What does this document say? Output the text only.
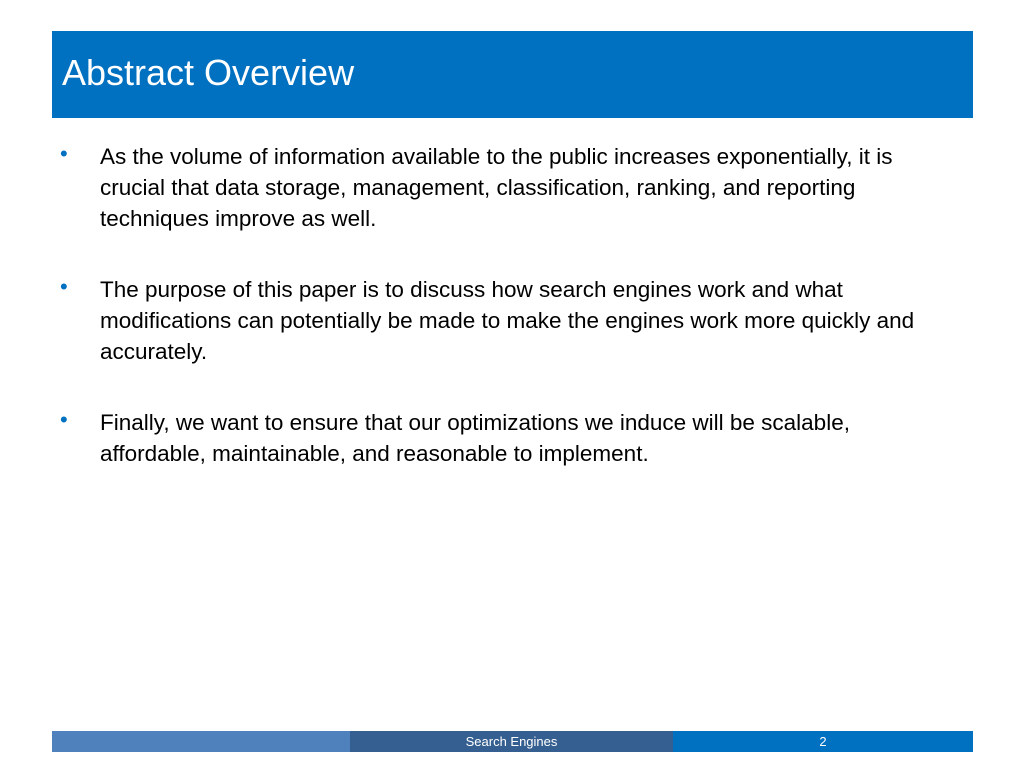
Abstract Overview
• As the volume of information available to the public increases exponentially, it is crucial that data storage, management, classification, ranking, and reporting techniques improve as well.
• The purpose of this paper is to discuss how search engines work and what modifications can potentially be made to make the engines work more quickly and accurately.
• Finally, we want to ensure that our optimizations we induce will be scalable, affordable, maintainable, and reasonable to implement.
Search Engines	2
